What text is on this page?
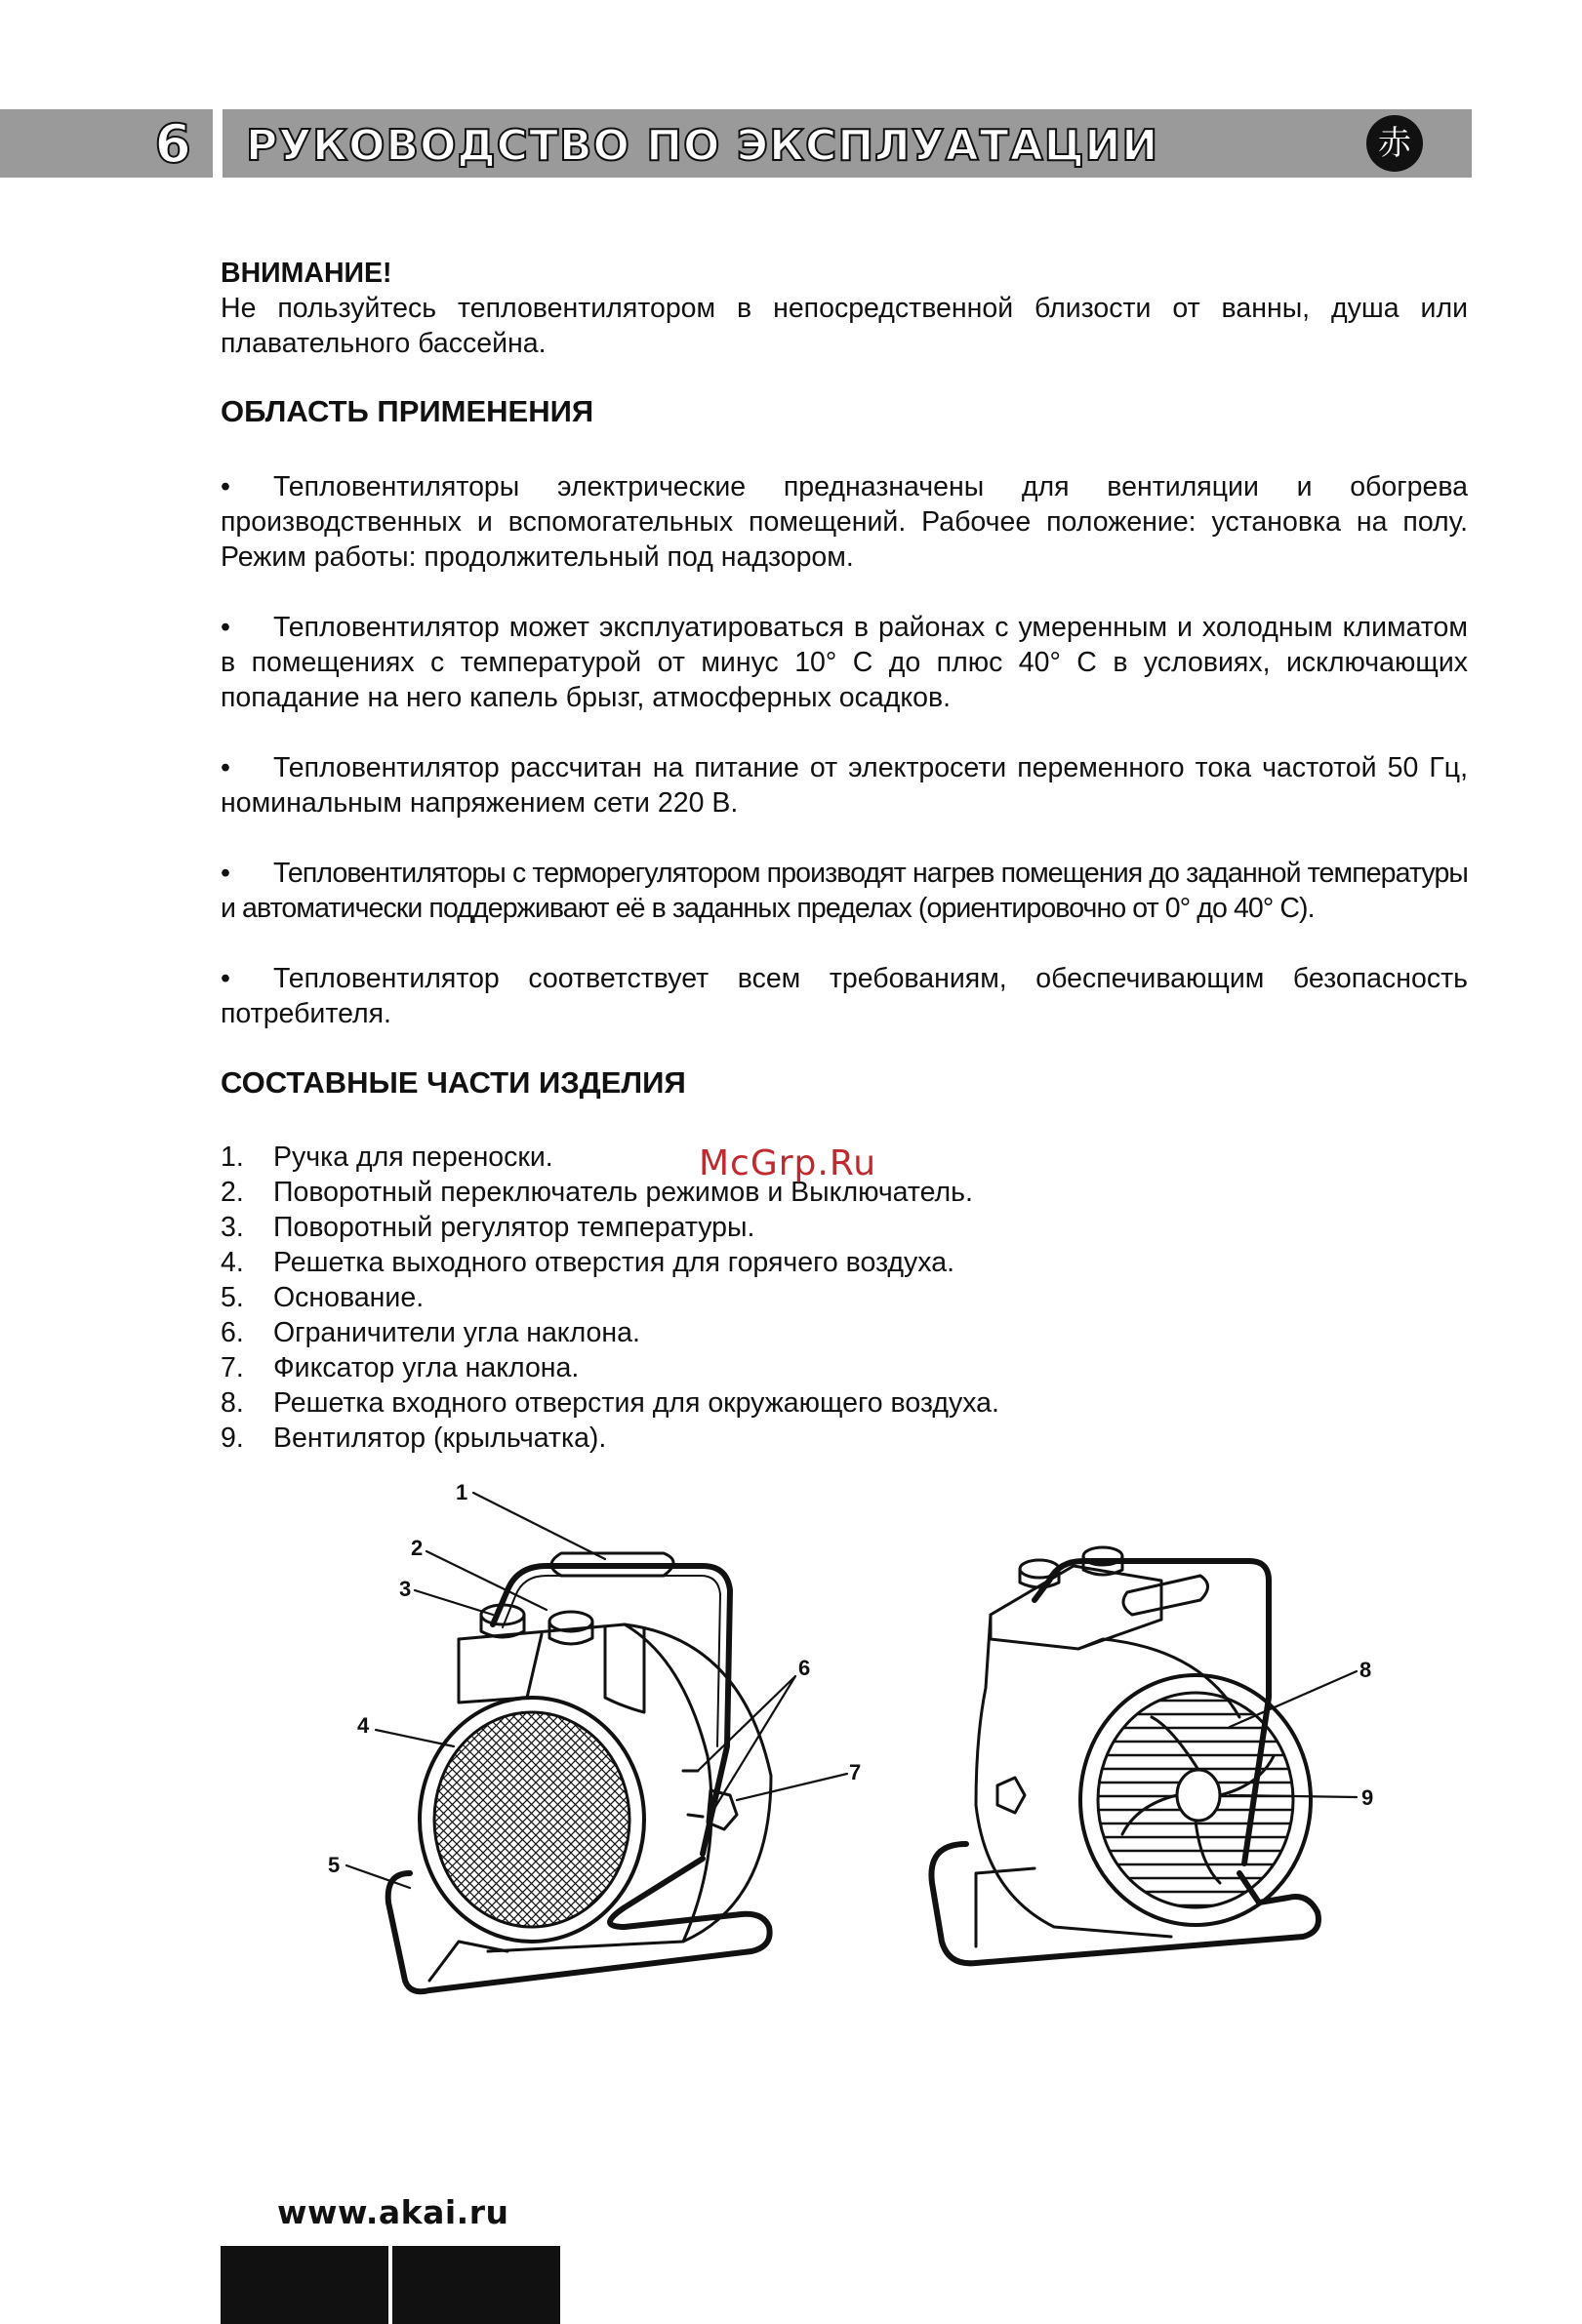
6 РУКОВОДСТВО ПО ЭКСПЛУАТАЦИИ	赤
ВНИМАНИЕ!
Не пользуйтесь тепловентилятором в непосредственной близости от ванны, душа или плавательного бассейна.
ОБЛАСТЬ ПРИМЕНЕНИЯ
• Тепловентиляторы электрические предназначены для вентиляции и обогрева производственных и вспомогательных помещений. Рабочее положение: установка на полу. Режим работы: продолжительный под надзором.
• Тепловентилятор может эксплуатироваться в районах с умеренным и холодным климатом в помещениях с температурой от минус 10° С до плюс 40° С в условиях, исключающих попадание на него капель брызг, атмосферных осадков.
• Тепловентилятор рассчитан на питание от электросети переменного тока частотой 50 Гц, номинальным напряжением сети 220 В.
• Тепловентиляторы с терморегулятором производят нагрев помещения до заданной температуры и автоматически поддерживают её в заданных пределах (ориентировочно от 0° до 40° С).
• Тепловентилятор соответствует всем требованиям, обеспечивающим безопасность потребителя.
СОСТАВНЫЕ ЧАСТИ ИЗДЕЛИЯ
1.	Ручка для переноски.
2.	Поворотный переключатель режимов и Выключатель.
3.	Поворотный регулятор температуры.
4.	Решетка выходного отверстия для горячего воздуха.
5.	Основание.
6.	Ограничители угла наклона.
7.	Фиксатор угла наклона.
8.	Решетка входного отверстия для окружающего воздуха.
9.	Вентилятор (крыльчатка).
McGrp.Ru
1
2
3
4
5
6
7
8
9
www.akai.ru
